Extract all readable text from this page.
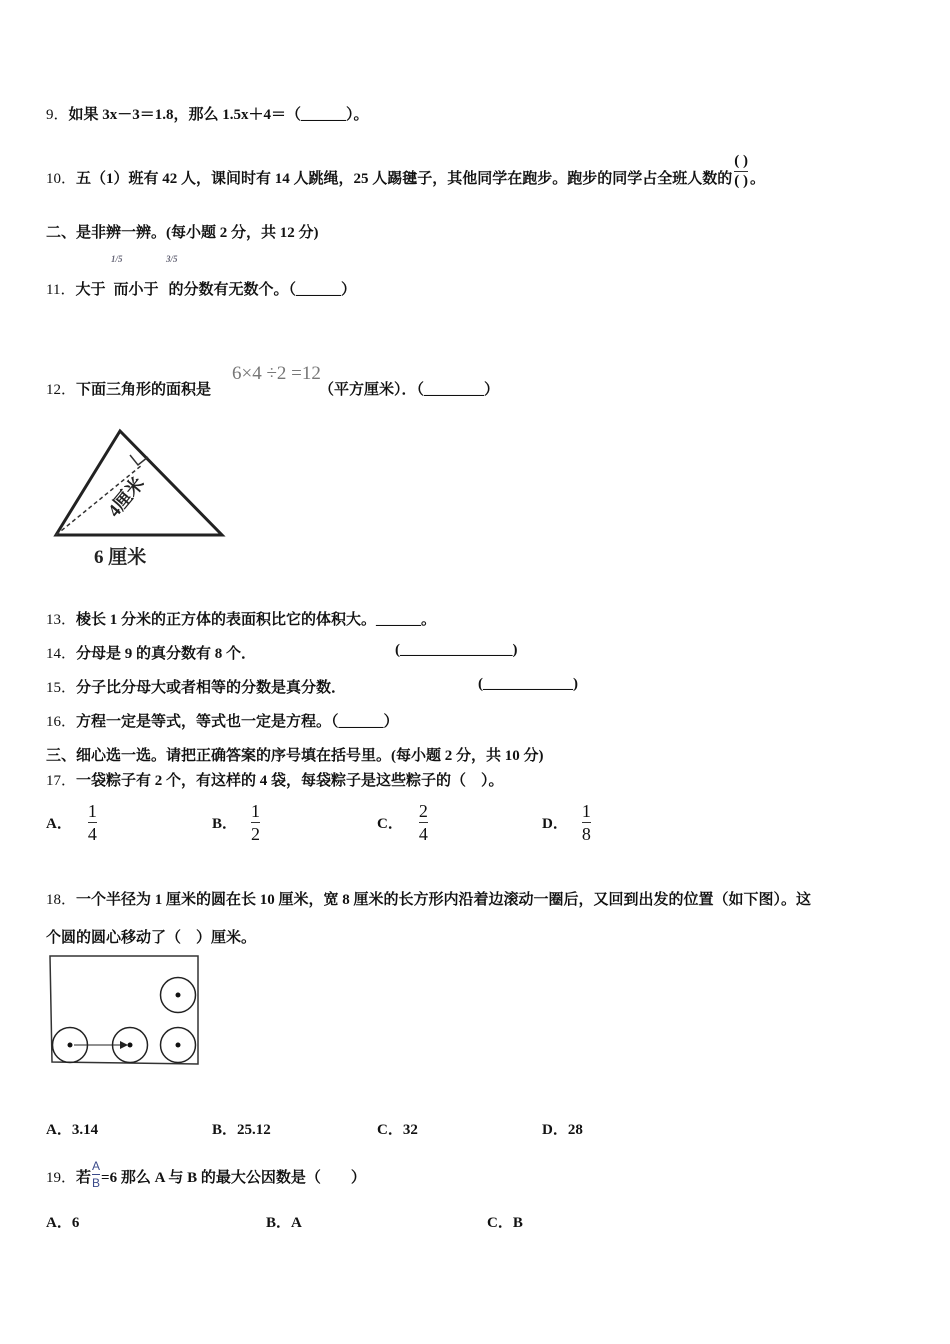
9．如果 3x－3＝1.8，那么 1.5x＋4＝（______）。
10．五（1）班有 42 人，课间时有 14 人跳绳，25 人踢毽子，其他同学在跑步。跑步的同学占全班人数的 $\frac{( )}{( )}$ 。
二、是非辨一辨。(每小题 2 分，共 12 分)
11．大于 而小于 的分数有无数个。（______）
1/5	3/5
12．下面三角形的面积是	（平方厘米）．（________）
6×4 ÷2 =12
4厘米
6 厘米
13．棱长 1 分米的正方体的表面积比它的体积大。______。
14．分母是 9 的真分数有 8 个．	(_______________)
15．分子比分母大或者相等的分数是真分数．	(____________)
16．方程一定是等式，等式也一定是方程。（______）
三、细心选一选。请把正确答案的序号填在括号里。(每小题 2 分，共 10 分)
17．一袋粽子有 2 个，有这样的 4 袋，每袋粽子是这些粽子的（　）。
A． $\frac{1}{4}$	B． $\frac{1}{2}$	C． $\frac{2}{4}$	D． $\frac{1}{8}$
18．一个半径为 1 厘米的圆在长 10 厘米，宽 8 厘米的长方形内沿着边滚动一圈后，又回到出发的位置（如下图）。这
个圆的圆心移动了（　）厘米。
A．3.14	B．25.12	C．32	D．28
19．若 $\frac{A}{B} =6$ 那么 A 与 B 的最大公因数是（　　）
A．6	B．A	C．B
